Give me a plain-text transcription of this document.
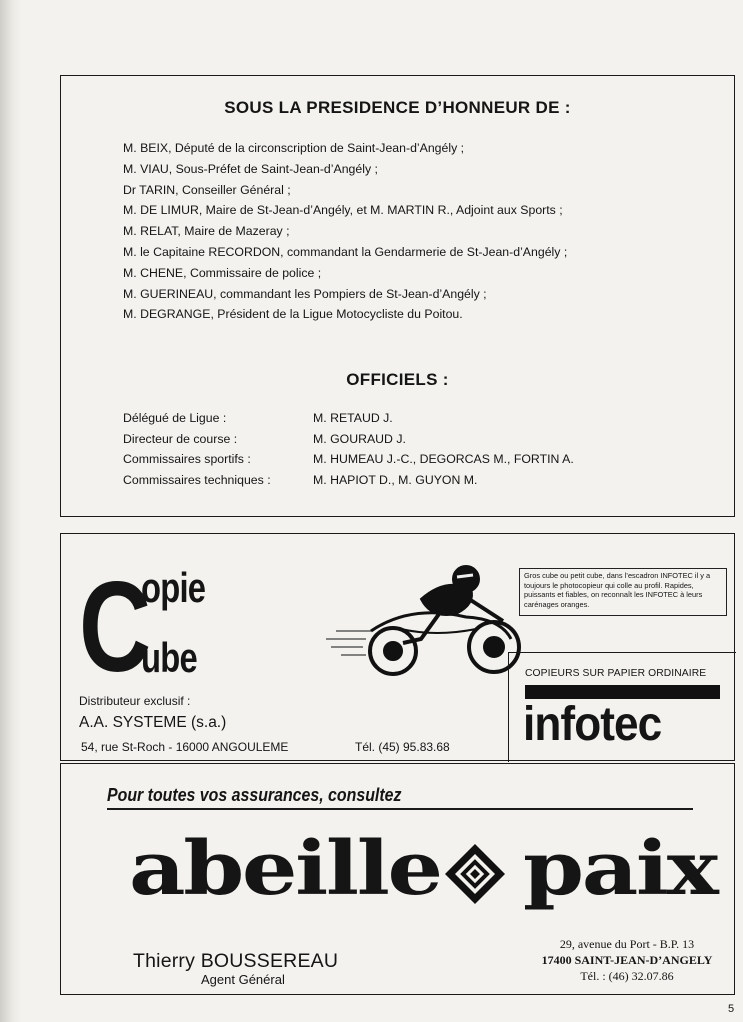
SOUS LA PRESIDENCE D’HONNEUR DE :
M. BEIX, Député de la circonscription de Saint-Jean-d’Angély ;
M. VIAU, Sous-Préfet de Saint-Jean-d’Angély ;
Dr TARIN, Conseiller Général ;
M. DE LIMUR, Maire de St-Jean-d’Angély, et M. MARTIN R., Adjoint aux Sports ;
M. RELAT, Maire de Mazeray ;
M. le Capitaine RECORDON, commandant la Gendarmerie de St-Jean-d’Angély ;
M. CHENE, Commissaire de police ;
M. GUERINEAU, commandant les Pompiers de St-Jean-d’Angély ;
M. DEGRANGE, Président de la Ligue Motocycliste du Poitou.
OFFICIELS :
Délégué de Ligue :	M. RETAUD J.
Directeur de course :	M. GOURAUD J.
Commissaires sportifs :	M. HUMEAU J.-C., DEGORCAS M., FORTIN A.
Commissaires techniques :	M. HAPIOT D., M. GUYON M.
C
opie
ube
Gros cube ou petit cube, dans l’escadron INFOTEC il y a toujours le photocopieur qui colle au profil. Rapides, puissants et fiables, on reconnaît les INFOTEC à leurs carénages oranges.
Distributeur exclusif :
A.A. SYSTEME (s.a.)
54, rue St-Roch - 16000 ANGOULEME	Tél. (45) 95.83.68
COPIEURS SUR PAPIER ORDINAIRE
infotec
Pour toutes vos assurances, consultez
abeille paix
Thierry BOUSSEREAU
Agent Général
29, avenue du Port - B.P. 13
17400 SAINT-JEAN-D’ANGELY
Tél. : (46) 32.07.86
5
